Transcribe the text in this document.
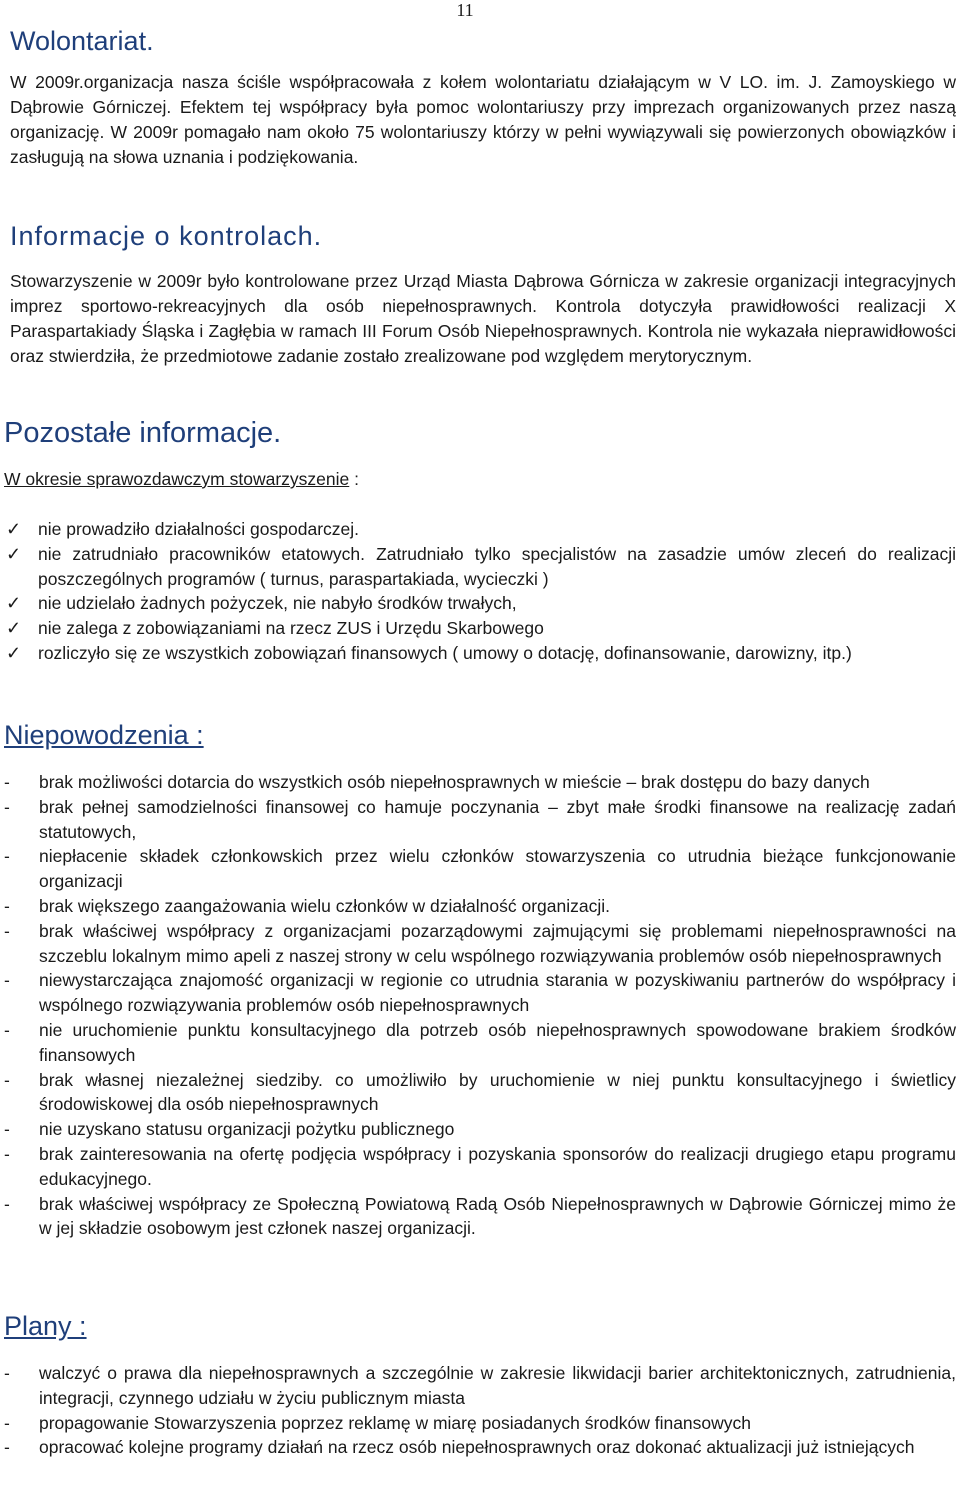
11
Wolontariat.

W 2009r.organizacja nasza ściśle współpracowała z kołem wolontariatu działającym w V LO. im. J. Zamoyskiego w Dąbrowie Górniczej. Efektem tej współpracy była pomoc wolontariuszy przy imprezach organizowanych przez naszą organizację. W 2009r pomagało nam około 75 wolontariuszy którzy w pełni wywiązywali się powierzonych obowiązków i zasługują na słowa uznania i podziękowania.

Informacje o kontrolach.

Stowarzyszenie w 2009r było kontrolowane przez Urząd Miasta Dąbrowa Górnicza w zakresie organizacji integracyjnych imprez sportowo-rekreacyjnych dla osób niepełnosprawnych. Kontrola dotyczyła prawidłowości realizacji X Paraspartakiady Śląska i Zagłębia w ramach III Forum Osób Niepełnosprawnych. Kontrola nie wykazała nieprawidłowości oraz stwierdziła, że przedmiotowe zadanie zostało zrealizowane pod względem merytorycznym.

Pozostałe informacje.
W okresie sprawozdawczym stowarzyszenie :
✓ nie prowadziło działalności gospodarczej.
✓ nie zatrudniało pracowników etatowych. Zatrudniało tylko specjalistów na zasadzie umów zleceń do realizacji poszczególnych programów ( turnus, paraspartakiada, wycieczki )
✓ nie udzielało żadnych pożyczek, nie nabyło środków trwałych,
✓ nie zalega z zobowiązaniami na rzecz ZUS i Urzędu Skarbowego
✓ rozliczyło się ze wszystkich zobowiązań finansowych ( umowy o dotację, dofinansowanie, darowizny, itp.)
Niepowodzenia :
- brak możliwości dotarcia do wszystkich osób niepełnosprawnych w mieście – brak dostępu do bazy danych
- brak pełnej samodzielności finansowej co hamuje poczynania – zbyt małe środki finansowe na realizację zadań statutowych,
- niepłacenie składek członkowskich przez wielu członków stowarzyszenia co utrudnia bieżące funkcjonowanie organizacji
- brak większego zaangażowania wielu członków w działalność organizacji.
- brak właściwej współpracy z organizacjami pozarządowymi zajmującymi się problemami niepełnosprawności na szczeblu lokalnym mimo apeli z naszej strony w celu wspólnego rozwiązywania problemów osób niepełnosprawnych
- niewystarczająca znajomość organizacji w regionie co utrudnia starania w pozyskiwaniu partnerów do współpracy i wspólnego rozwiązywania problemów osób niepełnosprawnych
- nie uruchomienie punktu konsultacyjnego dla potrzeb osób niepełnosprawnych spowodowane brakiem środków finansowych
- brak własnej niezależnej siedziby. co umożliwiło by uruchomienie w niej punktu konsultacyjnego i świetlicy środowiskowej dla osób niepełnosprawnych
- nie uzyskano statusu organizacji pożytku publicznego
- brak zainteresowania na ofertę podjęcia współpracy i pozyskania sponsorów do realizacji drugiego etapu programu edukacyjnego.
- brak właściwej współpracy ze Społeczną Powiatową Radą Osób Niepełnosprawnych w Dąbrowie Górniczej mimo że w jej składzie osobowym jest członek naszej organizacji.
Plany :
- walczyć o prawa dla niepełnosprawnych a szczególnie w zakresie likwidacji barier architektonicznych, zatrudnienia, integracji, czynnego udziału w życiu publicznym miasta
- propagowanie Stowarzyszenia poprzez reklamę w miarę posiadanych środków finansowych
- opracować kolejne programy działań na rzecz osób niepełnosprawnych oraz dokonać aktualizacji już istniejących
